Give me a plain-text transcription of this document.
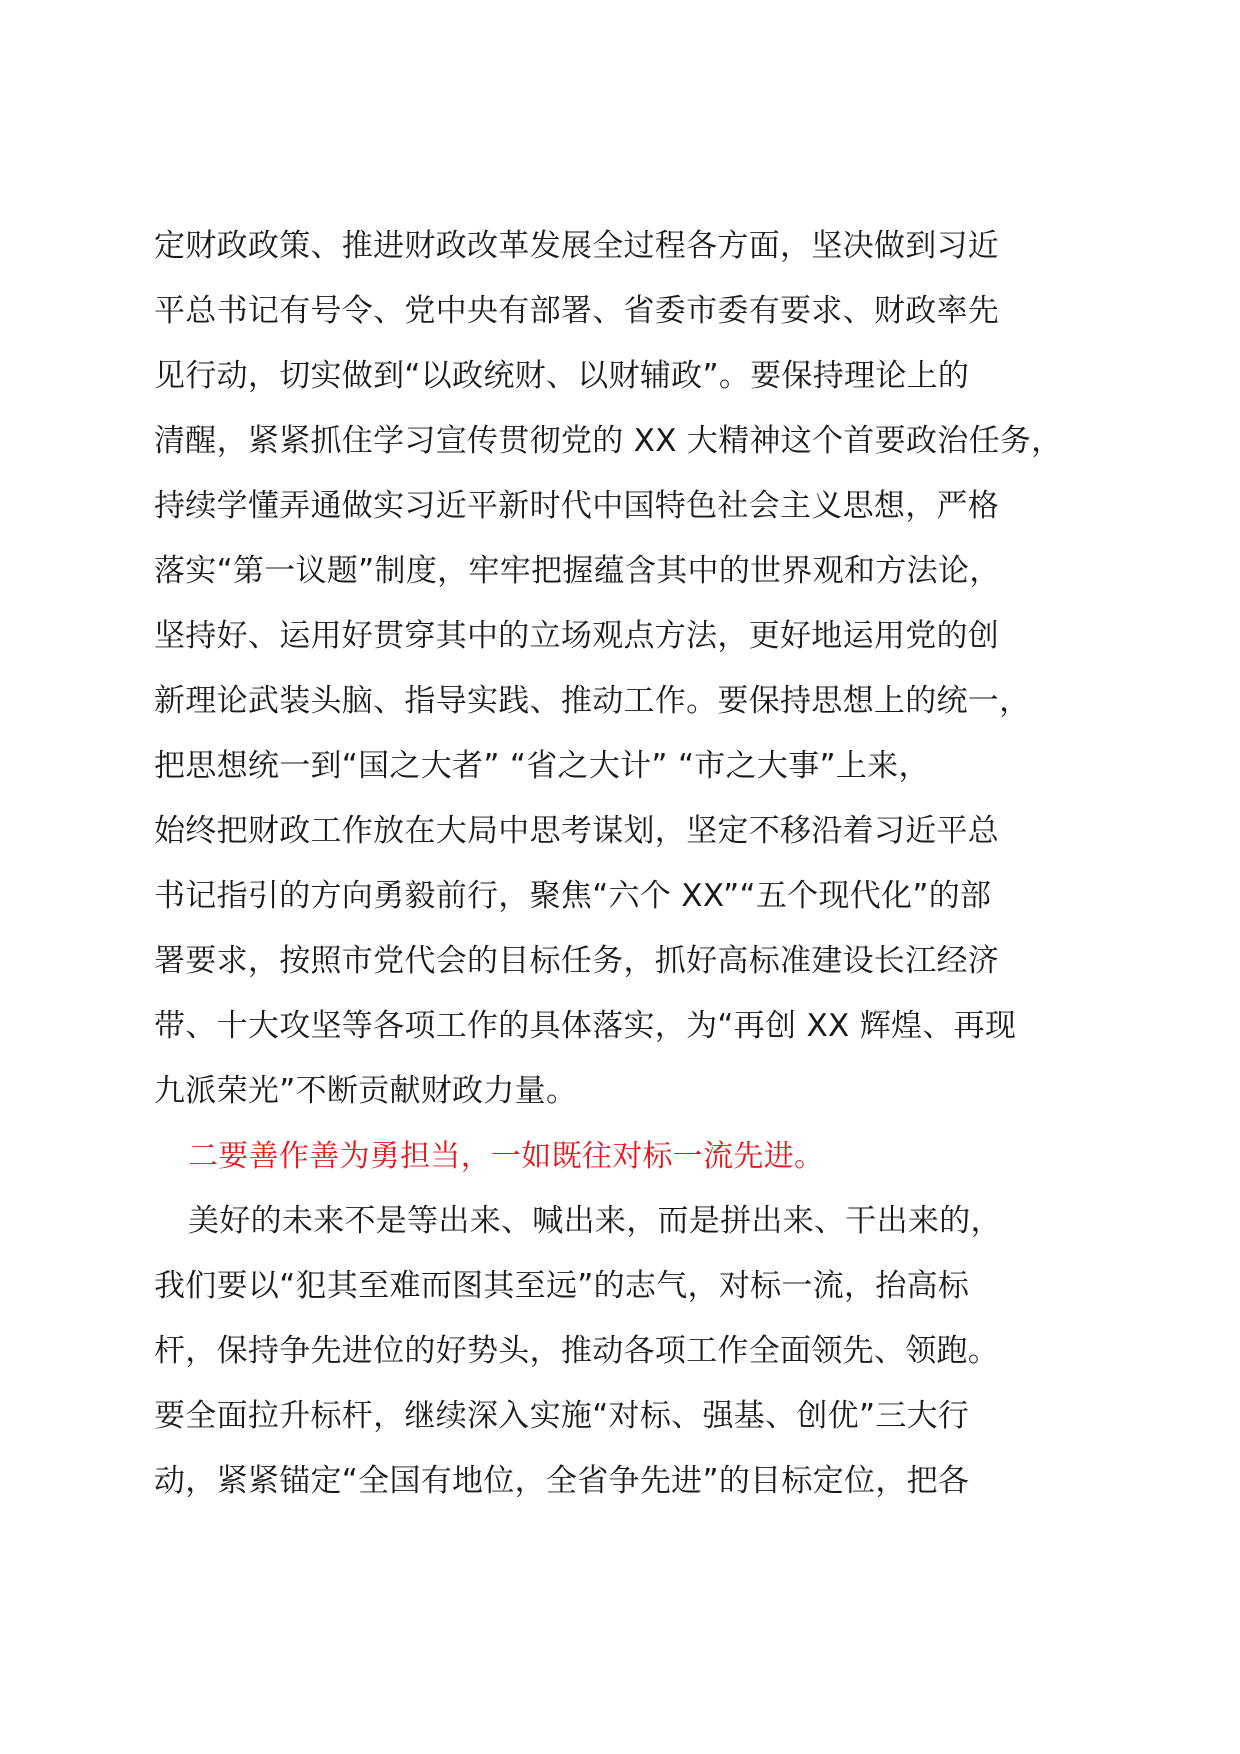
定财政政策、推进财政改革发展全过程各方面，坚决做到习近
平总书记有号令、党中央有部署、省委市委有要求、财政率先
见行动，切实做到“以政统财、以财辅政”。要保持理论上的
清醒，紧紧抓住学习宣传贯彻党的 XX 大精神这个首要政治任务，
持续学懂弄通做实习近平新时代中国特色社会主义思想，严格
落实“第一议题”制度，牢牢把握蕴含其中的世界观和方法论，
坚持好、运用好贯穿其中的立场观点方法，更好地运用党的创
新理论武装头脑、指导实践、推动工作。要保持思想上的统一，
把思想统一到“国之大者” “省之大计” “市之大事”上来，
始终把财政工作放在大局中思考谋划，坚定不移沿着习近平总
书记指引的方向勇毅前行，聚焦“六个 XX”“五个现代化”的部
署要求，按照市党代会的目标任务，抓好高标准建设长江经济
带、十大攻坚等各项工作的具体落实，为“再创 XX 辉煌、再现
九派荣光”不断贡献财政力量。
二要善作善为勇担当，一如既往对标一流先进。
美好的未来不是等出来、喊出来，而是拼出来、干出来的，
我们要以“犯其至难而图其至远”的志气，对标一流，抬高标
杆，保持争先进位的好势头，推动各项工作全面领先、领跑。
要全面拉升标杆，继续深入实施“对标、强基、创优”三大行
动，紧紧锚定“全国有地位，全省争先进”的目标定位，把各
